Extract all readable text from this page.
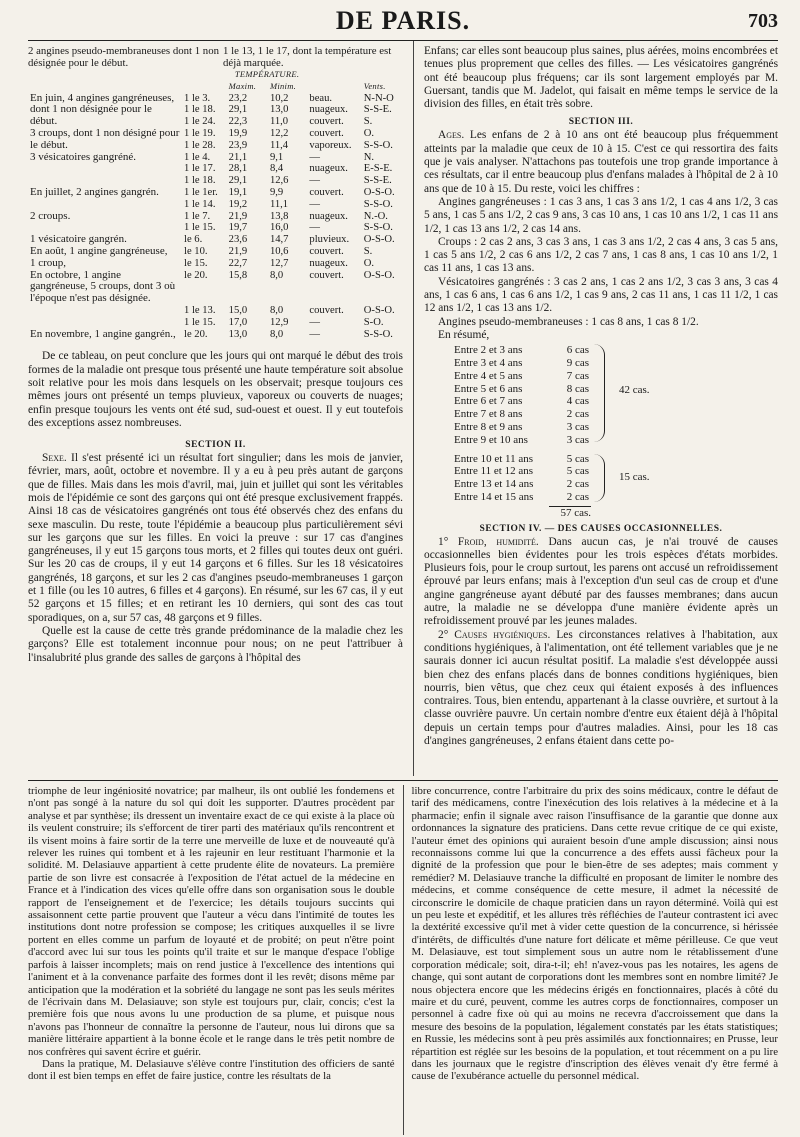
DE PARIS.	703
2 angines pseudo-membraneuses dont 1 non désignée pour le début.
1 le 13, 1 le 17, dont la température est déjà marquée.
		TEMPÉRATURE.			
		Maxim.	Minim.		Vents.
En juin, 4 angines gangréneuses, dont 1 non désignée pour le début.	1 le 3.	23,2	10,2	beau.	N-N-O
	1 le 18.	29,1	13,0	nuageux.	S-S-E.
	1 le 24.	22,3	11,0	couvert.	S.
3 croups, dont 1 non désigné pour le début.	1 le 19.	19,9	12,2	couvert.	O.
	1 le 28.	23,9	11,4	vaporeux.	S-S-O.
3 vésicatoires gangréné.	1 le 4.	21,1	9,1	—	N.
	1 le 17.	28,1	8,4	nuageux.	E-S-E.
	1 le 18.	29,1	12,6	—	S-S-E.
En juillet, 2 angines gangrén.	1 le 1er.	19,1	9,9	couvert.	O-S-O.
	1 le 14.	19,2	11,1	—	S-S-O.
2 croups.	1 le 7.	21,9	13,8	nuageux.	N.-O.
	1 le 15.	19,7	16,0	—	S-S-O.
1 vésicatoire gangrén.	le 6.	23,6	14,7	pluvieux.	O-S-O.
En août, 1 angine gangréneuse,	le 10.	21,9	10,6	couvert.	S.
1 croup,	le 15.	22,7	12,7	nuageux.	O.
En octobre, 1 angine gangréneuse, 5 croups, dont 3 où l'époque n'est pas désignée.	le 20.	15,8	8,0	couvert.	O-S-O.
	1 le 13.	15,0	8,0	couvert.	O-S-O.
	1 le 15.	17,0	12,9	—	S-O.
En novembre, 1 angine gangrén.,	le 20.	13,0	8,0	—	S-S-O.

De ce tableau, on peut conclure que les jours qui ont marqué le début des trois formes de la maladie ont presque tous présenté une haute température soit absolue soit relative pour les mois dans lesquels on les observait; presque toujours ces mêmes jours ont présenté un temps pluvieux, vaporeux ou couverts de nuages; enfin presque toujours les vents ont été sud, sud-ouest et ouest. Il y eut toutefois des exceptions assez nombreuses.

SECTION II.

Sexe. Il s'est présenté ici un résultat fort singulier; dans les mois de janvier, février, mars, août, octobre et novembre. Il y a eu à peu près autant de garçons que de filles. Mais dans les mois d'avril, mai, juin et juillet qui sont les véritables mois de l'épidémie ce sont des garçons qui ont été presque exclusivement frappés. Ainsi 18 cas de vésicatoires gangrénés ont tous été observés chez des enfans du sexe masculin. Du reste, toute l'épidémie a beaucoup plus particulièrement sévi sur les garçons que sur les filles. En voici la preuve : sur 17 cas d'angines gangréneuses, il y eut 15 garçons tous morts, et 2 filles qui toutes deux ont guéri. Sur les 20 cas de croups, il y eut 14 garçons et 6 filles. Sur les 18 vésicatoires gangrénés, 18 garçons, et sur les 2 cas d'angines pseudo-membraneuses 1 garçon et 1 fille (ou les 10 autres, 6 filles et 4 garçons). En résumé, sur les 67 cas, il y eut 52 garçons et 15 filles; et en retirant les 10 derniers, qui sont des cas tout sporadiques, on a, sur 57 cas, 48 garçons et 9 filles.

Quelle est la cause de cette très grande prédominance de la maladie chez les garçons? Elle est totalement inconnue pour nous; on ne peut l'attribuer à l'insalubrité plus grande des salles de garçons à l'hôpital des

Enfans; car elles sont beaucoup plus saines, plus aérées, moins encombrées et tenues plus proprement que celles des filles. — Les vésicatoires gangrénés ont été beaucoup plus fréquens; car ils sont largement employés par M. Guersant, tandis que M. Jadelot, qui faisait en même temps le service de la division des filles, en était très sobre.

SECTION III.

Ages. Les enfans de 2 à 10 ans ont été beaucoup plus fréquemment atteints par la maladie que ceux de 10 à 15. C'est ce qui ressortira des faits que je vais analyser. N'attachons pas toutefois une trop grande importance à ces résultats, car il entre beaucoup plus d'enfans malades à l'hôpital de 2 à 10 ans que de 10 à 15. Du reste, voici les chiffres :

Angines gangréneuses : 1 cas 3 ans, 1 cas 3 ans 1/2, 1 cas 4 ans 1/2, 3 cas 5 ans, 1 cas 5 ans 1/2, 2 cas 9 ans, 3 cas 10 ans, 1 cas 10 ans 1/2, 1 cas 11 ans 1/2, 1 cas 13 ans 1/2, 2 cas 14 ans.

Croups : 2 cas 2 ans, 3 cas 3 ans, 1 cas 3 ans 1/2, 2 cas 4 ans, 3 cas 5 ans, 1 cas 5 ans 1/2, 2 cas 6 ans 1/2, 2 cas 7 ans, 1 cas 8 ans, 1 cas 10 ans 1/2, 1 cas 11 ans, 1 cas 13 ans.

Vésicatoires gangrénés : 3 cas 2 ans, 1 cas 2 ans 1/2, 3 cas 3 ans, 3 cas 4 ans, 1 cas 6 ans, 1 cas 6 ans 1/2, 1 cas 9 ans, 2 cas 11 ans, 1 cas 11 1/2, 1 cas 12 ans 1/2, 1 cas 13 ans 1/2.

Angines pseudo-membraneuses : 1 cas 8 ans, 1 cas 8 1/2.

En résumé,

Entre 2 et 3 ans	6 cas
Entre 3 et 4 ans	9 cas
Entre 4 et 5 ans	7 cas
Entre 5 et 6 ans	8 cas
Entre 6 et 7 ans	4 cas
Entre 7 et 8 ans	2 cas
Entre 8 et 9 ans	3 cas
Entre 9 et 10 ans	3 cas
Entre 10 et 11 ans	5 cas
Entre 11 et 12 ans	5 cas
Entre 13 et 14 ans	2 cas
Entre 14 et 15 ans	2 cas
42 cas.
15 cas.
57 cas.
SECTION IV. — DES CAUSES OCCASIONNELLES.

1° Froid, humidité. Dans aucun cas, je n'ai trouvé de causes occasionnelles bien évidentes pour les trois espèces d'états morbides. Plusieurs fois, pour le croup surtout, les parens ont accusé un refroidissement éprouvé par leurs enfans; mais à l'exception d'un seul cas de croup et d'une angine gangréneuse ayant débuté par des fausses membranes; dans aucun autre, la maladie ne se développa d'une manière évidente après un refroidissement prouvé par les jeunes malades.

2° Causes hygiéniques. Les circonstances relatives à l'habitation, aux conditions hygiéniques, à l'alimentation, ont été tellement variables que je ne saurais donner ici aucun résultat positif. La maladie s'est développée aussi bien chez des enfans placés dans de bonnes conditions hygiéniques, bien nourris, bien vêtus, que chez ceux qui étaient exposés à des influences contraires. Tous, bien entendu, appartenant à la classe ouvrière, et surtout à la classe ouvrière pauvre. Un certain nombre d'entre eux étaient déjà à l'hôpital depuis un certain temps pour d'autres maladies. Ainsi, pour les 18 cas d'angines gangréneuses, 2 enfans étaient dans cette po-

triomphe de leur ingéniosité novatrice; par malheur, ils ont oublié les fondemens et n'ont pas songé à la nature du sol qui doit les supporter. D'autres procèdent par analyse et par synthèse; ils dressent un inventaire exact de ce qui existe à la place où ils veulent construire; ils s'efforcent de tirer parti des matériaux qu'ils rencontrent et ils visent moins à faire sortir de la terre une merveille de luxe et de nouveauté qu'à relever les ruines qui tombent et à les rajeunir en leur restituant l'harmonie et la solidité. M. Delasiauve appartient à cette prudente élite de novateurs. La première partie de son livre est consacrée à l'exposition de l'état actuel de la médecine en France et à l'indication des vices qu'elle offre dans son organisation sous le double rapport de l'enseignement et de l'exercice; les détails toujours succints qui assaisonnent cette partie prouvent que l'auteur a vécu dans l'intimité de toutes les institutions dont notre profession se compose; les critiques auxquelles il se livre portent en elles comme un parfum de loyauté et de probité; on peut n'être point d'accord avec lui sur tous les points qu'il traite et sur le manque d'espace l'oblige parfois à laisser incomplets; mais on rend justice à l'excellence des intentions qui l'animent et à la convenance parfaite des formes dont il les revêt; disons même par anticipation que la modération et la sobriété du langage ne sont pas les seuls mérites de l'écrivain dans M. Delasiauve; son style est toujours pur, clair, concis; c'est la première fois que nous avons lu une production de sa plume, et puisque nous n'avons pas l'honneur de connaître la personne de l'auteur, nous lui dirons que sa manière littéraire appartient à la bonne école et le range dans le très petit nombre de nos confrères qui savent écrire et guérir.

Dans la pratique, M. Delasiauve s'élève contre l'institution des officiers de santé dont il est bien temps en effet de faire justice, contre les résultats de la

libre concurrence, contre l'arbitraire du prix des soins médicaux, contre le défaut de tarif des médicamens, contre l'inexécution des lois relatives à la médecine et à la pharmacie; enfin il signale avec raison l'insuffisance de la garantie que donne aux ordonnances la signature des praticiens. Dans cette revue critique de ce qui existe, l'auteur émet des opinions qui auraient besoin d'une ample discussion; ainsi nous reconnaissons comme lui que la concurrence a des effets aussi fâcheux pour la dignité de la profession que pour le bien-être de ses adeptes; mais comment y remédier? M. Delasiauve tranche la difficulté en proposant de limiter le nombre des médecins, et comme conséquence de cette mesure, il admet la nécessité de circonscrire le domicile de chaque praticien dans un rayon déterminé. Voilà qui est un peu leste et expéditif, et les allures très réfléchies de l'auteur contrastent ici avec la dextérité excessive qu'il met à vider cette question de la concurrence, si hérissée d'intérêts, de difficultés d'une nature fort délicate et même périlleuse. Ce que veut M. Delasiauve, est tout simplement sous un autre nom le rétablissement d'une corporation médicale; soit, dira-t-il; eh! n'avez-vous pas les notaires, les agens de change, qui sont autant de corporations dont les membres sont en nombre limité? Je nous objectera encore que les médecins érigés en fonctionnaires, placés à côté du maire et du curé, peuvent, comme les autres corps de fonctionnaires, composer un personnel à cadre fixe où qui au moins ne recevra d'accroissement que dans la mesure des besoins de la population, légalement constatés par les états statistiques; en Russie, les médecins sont à peu près assimilés aux fonctionnaires; en Prusse, leur répartition est réglée sur les besoins de la population, et tout récemment on a pu lire dans les journaux que le registre d'inscription des élèves venait d'y être fermé à cause de l'exubérance actuelle du personnel médical.
